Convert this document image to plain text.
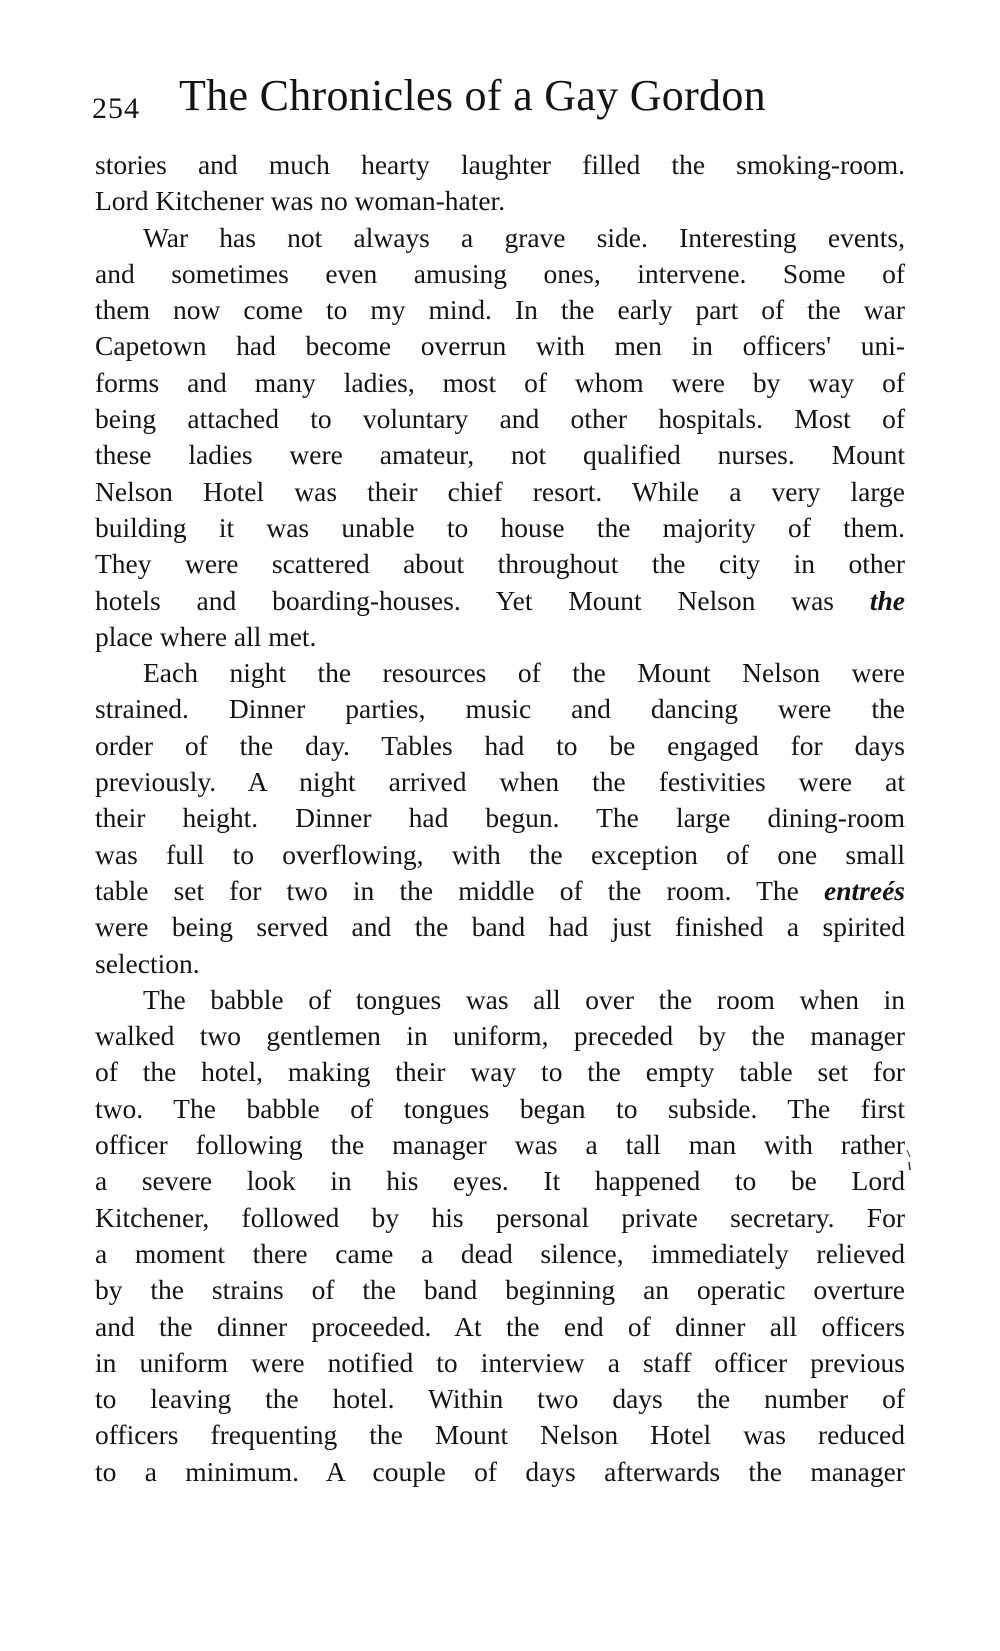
254 The Chronicles of a Gay Gordon
stories and much hearty laughter filled the smoking-room.
Lord Kitchener was no woman-hater.
War has not always a grave side. Interesting events,
and sometimes even amusing ones, intervene. Some of
them now come to my mind. In the early part of the war
Capetown had become overrun with men in officers' uni-
forms and many ladies, most of whom were by way of
being attached to voluntary and other hospitals. Most of
these ladies were amateur, not qualified nurses. Mount
Nelson Hotel was their chief resort. While a very large
building it was unable to house the majority of them.
They were scattered about throughout the city in other
hotels and boarding-houses. Yet Mount Nelson was the
place where all met.
Each night the resources of the Mount Nelson were
strained. Dinner parties, music and dancing were the
order of the day. Tables had to be engaged for days
previously. A night arrived when the festivities were at
their height. Dinner had begun. The large dining-room
was full to overflowing, with the exception of one small
table set for two in the middle of the room. The entreés
were being served and the band had just finished a spirited
selection.
The babble of tongues was all over the room when in
walked two gentlemen in uniform, preceded by the manager
of the hotel, making their way to the empty table set for
two. The babble of tongues began to subside. The first
officer following the manager was a tall man with rather
a severe look in his eyes. It happened to be Lord
Kitchener, followed by his personal private secretary. For
a moment there came a dead silence, immediately relieved
by the strains of the band beginning an operatic overture
and the dinner proceeded. At the end of dinner all officers
in uniform were notified to interview a staff officer previous
to leaving the hotel. Within two days the number of
officers frequenting the Mount Nelson Hotel was reduced
to a minimum. A couple of days afterwards the manager
